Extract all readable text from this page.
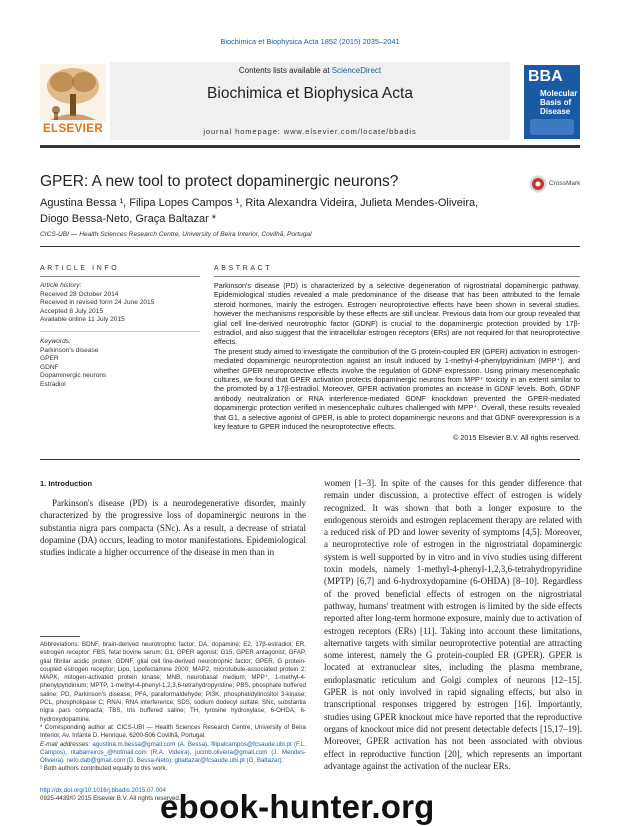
Biochimica et Biophysica Acta 1852 (2015) 2035–2041
Contents lists available at ScienceDirect
Biochimica et Biophysica Acta
journal homepage: www.elsevier.com/locate/bbadis
ELSEVIER
BBA
Molecular
Basis of
Disease
GPER: A new tool to protect dopaminergic neurons?	CrossMark
Agustina Bessa ¹, Filipa Lopes Campos ¹, Rita Alexandra Videira, Julieta Mendes-Oliveira,
Diogo Bessa-Neto, Graça Baltazar *
CICS-UBI — Health Sciences Research Centre, University of Beira Interior, Covilhã, Portugal
ARTICLE INFO
Article history:
Received 28 October 2014
Received in revised form 24 June 2015
Accepted 8 July 2015
Available online 11 July 2015
Keywords:
Parkinson's disease
GPER
GDNF
Dopaminergic neurons
Estradiol
ABSTRACT

Parkinson's disease (PD) is characterized by a selective degeneration of nigrostriatal dopaminergic pathway. Epidemiological studies revealed a male predominance of the disease that has been attributed to the female steroid hormones, mainly the estrogen. Estrogen neuroprotective effects have been shown in several studies, however the mechanisms responsible by these effects are still unclear. Previous data from our group revealed that glial cell line-derived neurotrophic factor (GDNF) is crucial to the dopaminergic protection provided by 17β-estradiol, and also suggest that the intracellular estrogen receptors (ERs) are not required for that neuroprotective effects.

The present study aimed to investigate the contribution of the G protein-coupled ER (GPER) activation in estrogen-mediated dopaminergic neuroprotection against an insult induced by 1-methyl-4-phenylpyridinium (MPP⁺), and whether GPER neuroprotective effects involve the regulation of GDNF expression. Using primary mesencephalic cultures, we found that GPER activation protects dopaminergic neurons from MPP⁺ toxicity in an extent similar to the promoted by a 17β-estradiol. Moreover, GPER activation promotes an increase in GDNF levels. Both, GDNF antibody neutralization or RNA interference-mediated GDNF knockdown prevented the GPER-mediated dopaminergic protection verified in mesencephalic cultures challenged with MPP⁺. Overall, these results revealed that G1, a selective agonist of GPER, is able to protect dopaminergic neurons and that GDNF overexpression is a key feature to GPER induced the neuroprotective effects.

© 2015 Elsevier B.V. All rights reserved.
1. Introduction

Parkinson's disease (PD) is a neurodegenerative disorder, mainly characterized by the progressive loss of dopaminergic neurons in the substantia nigra pars compacta (SNc). As a result, a decrease of striatal dopamine (DA) occurs, leading to motor manifestations. Epidemiological studies indicate a higher occurrence of the disease in men than in

women [1–3]. In spite of the causes for this gender difference that remain under discussion, a protective effect of estrogen is widely recognized. It was shown that both a longer exposure to the endogenous steroids and estrogen replacement therapy are related with a reduced risk of PD and lower severity of symptoms [4,5]. Moreover, a neuroprotective role of estrogen in the nigrostriatal dopaminergic system is well supported by in vitro and in vivo studies using different toxin models, namely 1-methyl-4-phenyl-1,2,3,6-tetrahydropyridine (MPTP) [6,7] and 6-hydroxydopamine (6-OHDA) [8–10]. Regardless of the proved beneficial effects of estrogen on the nigrostriatal pathway, humans' treatment with estrogen is limited by the side effects reported after long-term hormone exposure, mainly due to activation of estrogen receptors (ERs) [11]. Taking into account these limitations, alternative targets with similar neuroprotective potential are attracting some interest, namely the G protein-coupled ER (GPER). GPER is located at extranuclear sites, including the plasma membrane, endoplasmatic reticulum and Golgi complex of neurons [12–15]. GPER is not only involved in rapid signaling effects, but also in transcriptional responses triggered by estrogen [16]. Importantly, studies using GPER knockout mice have reported that the reproductive organs of knockout mice did not present detectable defects [15,17–19]. Moreover, GPER activation has not been associated with obvious effect in reproductive function [20], which represents an important advantage against the activation of the nuclear ERs.

Abbreviations: BDNF, brain-derived neurotrophic factor; DA, dopamine; E2, 17β-estradiol; ER, estrogen receptor; FBS, fetal bovine serum; G1, GPER agonist; G15, GPER antagonist; GFAP, glial fibrilar acidic protein; GDNF, glial cell line-derived neurotrophic factor; GPER, G protein-coupled estrogen receptor; Lipo, Lipofectamine 2000; MAP2, microtubule-associated protein 2; MAPK, mitogen-activated protein kinase; MNB, neurobasal medium; MPP⁺, 1-methyl-4-phenylpyridinium; MPTP, 1-methyl-4-phenyl-1,2,3,6-tetrahydropyridine; PBS, phosphate buffered saline; PD, Parkinson's disease; PFA, paraformaldehyde; PI3K, phosphatidylinositol 3-kinase; PCL, phospholipase C; RNAi, RNA interference; SDS, sodium dodecyl sulfate; SNc, substantia nigra pars compacta; TBS, tris buffered saline; TH, tyrosine hydroxylase; 6-OHDA, 6-hydroxydopamine.

* Corresponding author at: CICS-UBI — Health Sciences Research Centre, University of Beira Interior, Av. Infante D. Henrique, 6200-506 Covilhã, Portugal.

E-mail addresses: agustina.m.bessa@gmail.com (A. Bessa), filipalcampos@fcsaude.ubi.pt (F.L. Campos), ritabarreiros_@hotmail.com (R.A. Videira), jucmb.oliveira@gmail.com (J. Mendes-Oliveira), neto.dab@gmail.com (D. Bessa-Neto), gbaltazar@fcsaude.ubi.pt (G. Baltazar).

¹ Both authors contributed equally to this work.

http://dx.doi.org/10.1016/j.bbadis.2015.07.004
0925-4439/© 2015 Elsevier B.V. All rights reserved.
ebook-hunter.org
